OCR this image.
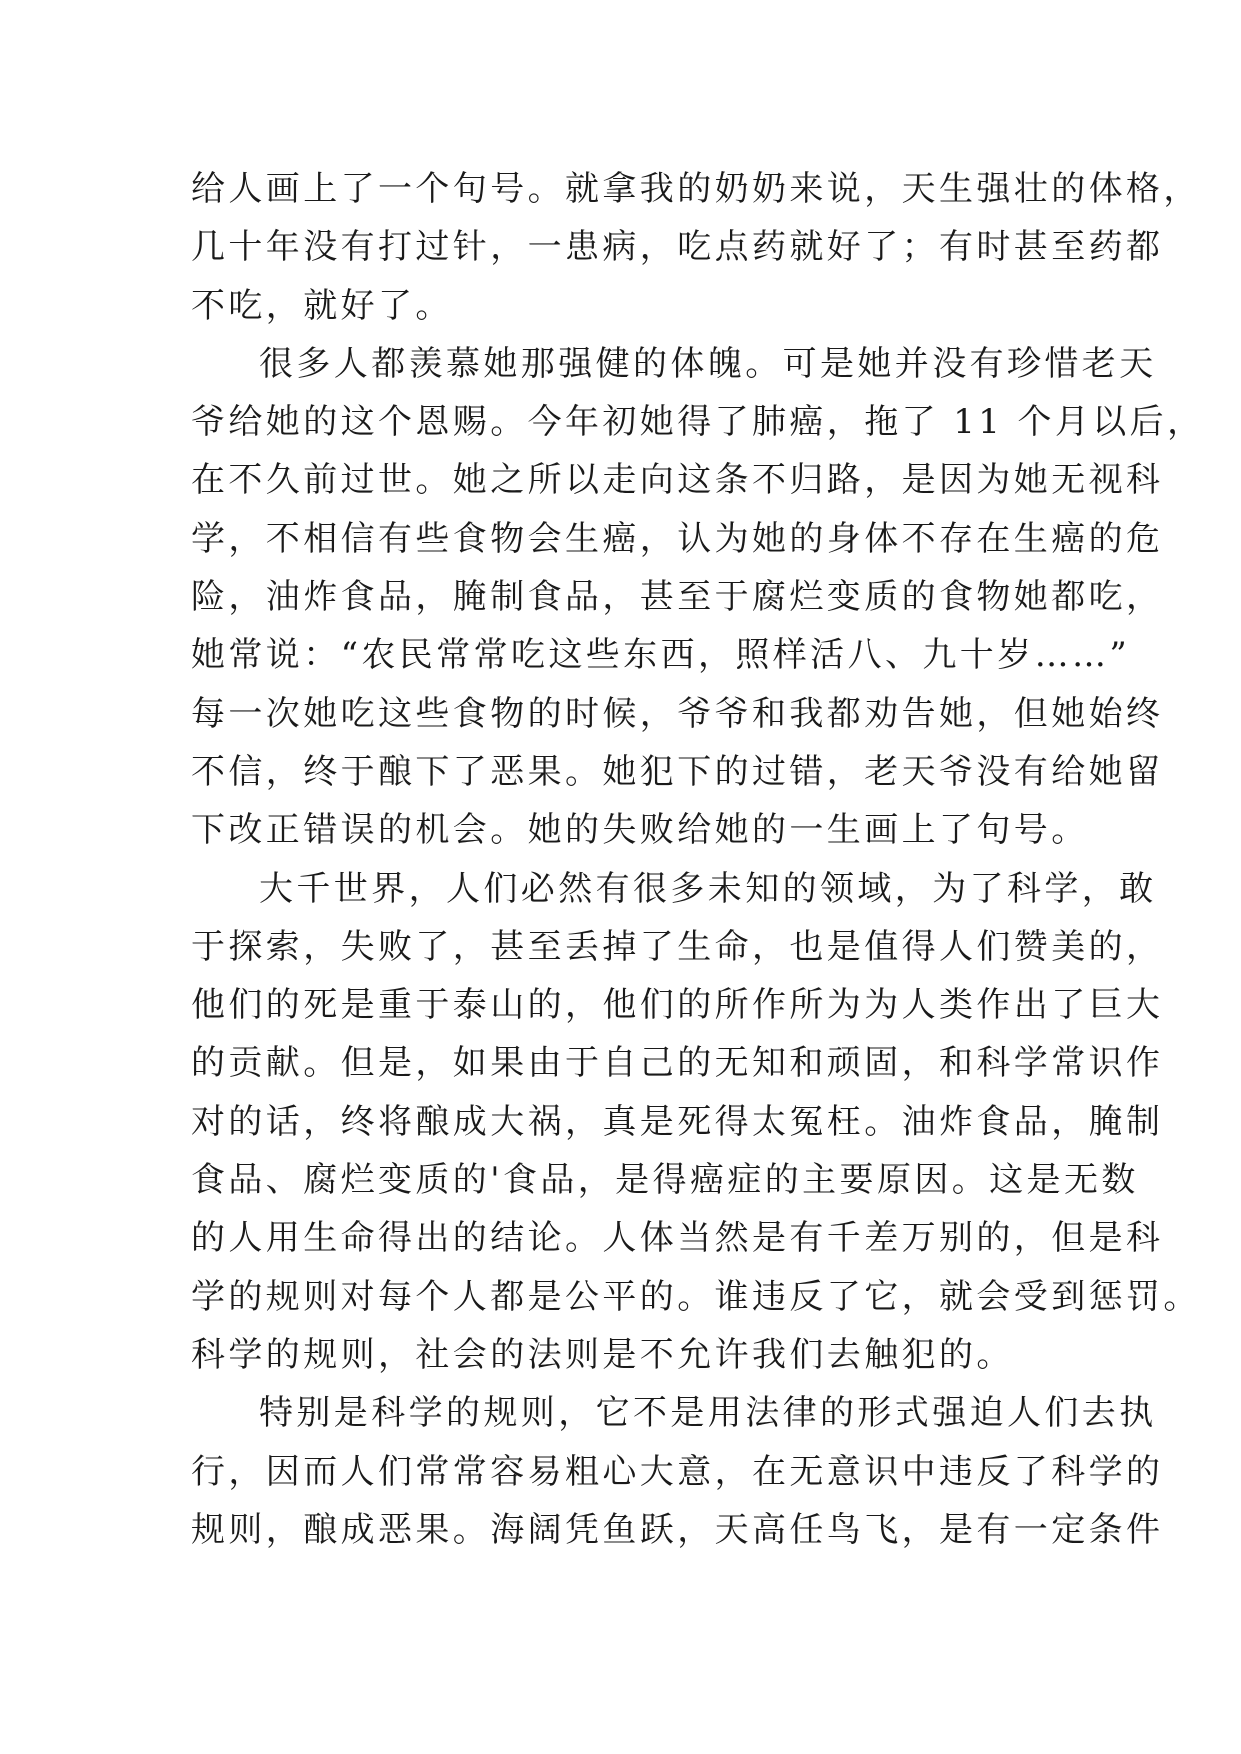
给人画上了一个句号。就拿我的奶奶来说，天生强壮的体格，
几十年没有打过针，一患病，吃点药就好了；有时甚至药都
不吃，就好了。
很多人都羡慕她那强健的体魄。可是她并没有珍惜老天
爷给她的这个恩赐。今年初她得了肺癌，拖了 11 个月以后，
在不久前过世。她之所以走向这条不归路，是因为她无视科
学，不相信有些食物会生癌，认为她的身体不存在生癌的危
险，油炸食品，腌制食品，甚至于腐烂变质的食物她都吃，
她常说：“农民常常吃这些东西，照样活八、九十岁……”
每一次她吃这些食物的时候，爷爷和我都劝告她，但她始终
不信，终于酿下了恶果。她犯下的过错，老天爷没有给她留
下改正错误的机会。她的失败给她的一生画上了句号。
大千世界，人们必然有很多未知的领域，为了科学，敢
于探索，失败了，甚至丢掉了生命，也是值得人们赞美的，
他们的死是重于泰山的，他们的所作所为为人类作出了巨大
的贡献。但是，如果由于自己的无知和顽固，和科学常识作
对的话，终将酿成大祸，真是死得太冤枉。油炸食品，腌制
食品、腐烂变质的'食品，是得癌症的主要原因。这是无数
的人用生命得出的结论。人体当然是有千差万别的，但是科
学的规则对每个人都是公平的。谁违反了它，就会受到惩罚。
科学的规则，社会的法则是不允许我们去触犯的。
特别是科学的规则，它不是用法律的形式强迫人们去执
行，因而人们常常容易粗心大意，在无意识中违反了科学的
规则，酿成恶果。海阔凭鱼跃，天高任鸟飞，是有一定条件
